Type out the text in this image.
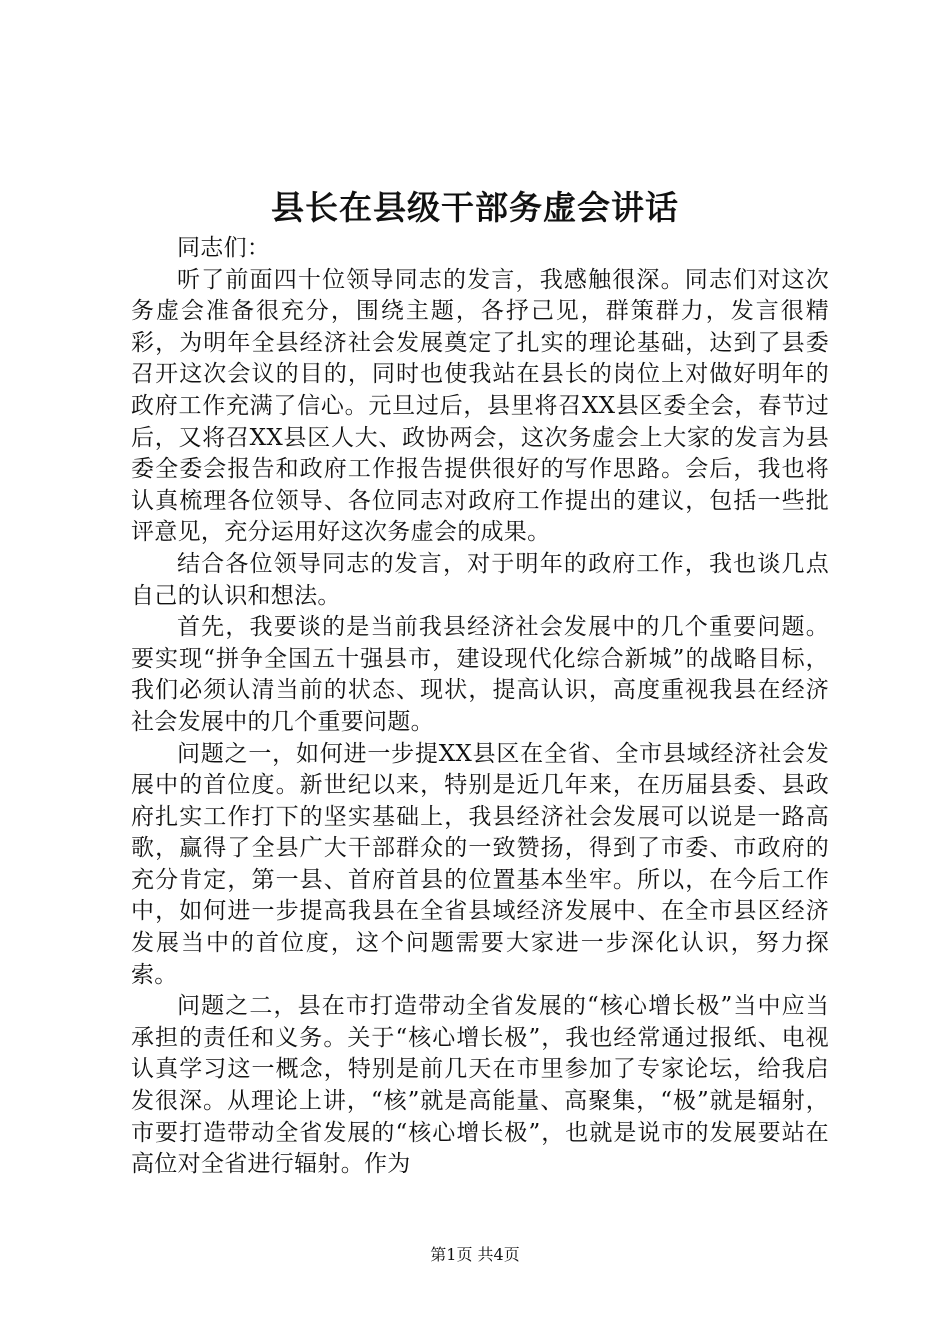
县长在县级干部务虚会讲话

同志们：

听了前面四十位领导同志的发言，我感触很深。同志们对这次务虚会准备很充分，围绕主题，各抒己见，群策群力，发言很精彩，为明年全县经济社会发展奠定了扎实的理论基础，达到了县委召开这次会议的目的，同时也使我站在县长的岗位上对做好明年的政府工作充满了信心。元旦过后，县里将召XX县区委全会，春节过后，又将召XX县区人大、政协两会，这次务虚会上大家的发言为县委全委会报告和政府工作报告提供很好的写作思路。会后，我也将认真梳理各位领导、各位同志对政府工作提出的建议，包括一些批评意见，充分运用好这次务虚会的成果。

结合各位领导同志的发言，对于明年的政府工作，我也谈几点自己的认识和想法。

首先，我要谈的是当前我县经济社会发展中的几个重要问题。要实现“拼争全国五十强县市，建设现代化综合新城”的战略目标，我们必须认清当前的状态、现状，提高认识，高度重视我县在经济社会发展中的几个重要问题。

问题之一，如何进一步提XX县区在全省、全市县域经济社会发展中的首位度。新世纪以来，特别是近几年来，在历届县委、县政府扎实工作打下的坚实基础上，我县经济社会发展可以说是一路高歌，赢得了全县广大干部群众的一致赞扬，得到了市委、市政府的充分肯定，第一县、首府首县的位置基本坐牢。所以，在今后工作中，如何进一步提高我县在全省县域经济发展中、在全市县区经济发展当中的首位度，这个问题需要大家进一步深化认识，努力探索。

问题之二，县在市打造带动全省发展的“核心增长极”当中应当承担的责任和义务。关于“核心增长极”，我也经常通过报纸、电视认真学习这一概念，特别是前几天在市里参加了专家论坛，给我启发很深。从理论上讲，“核”就是高能量、高聚集，“极”就是辐射，市要打造带动全省发展的“核心增长极”，也就是说市的发展要站在高位对全省进行辐射。作为

第1页 共4页
